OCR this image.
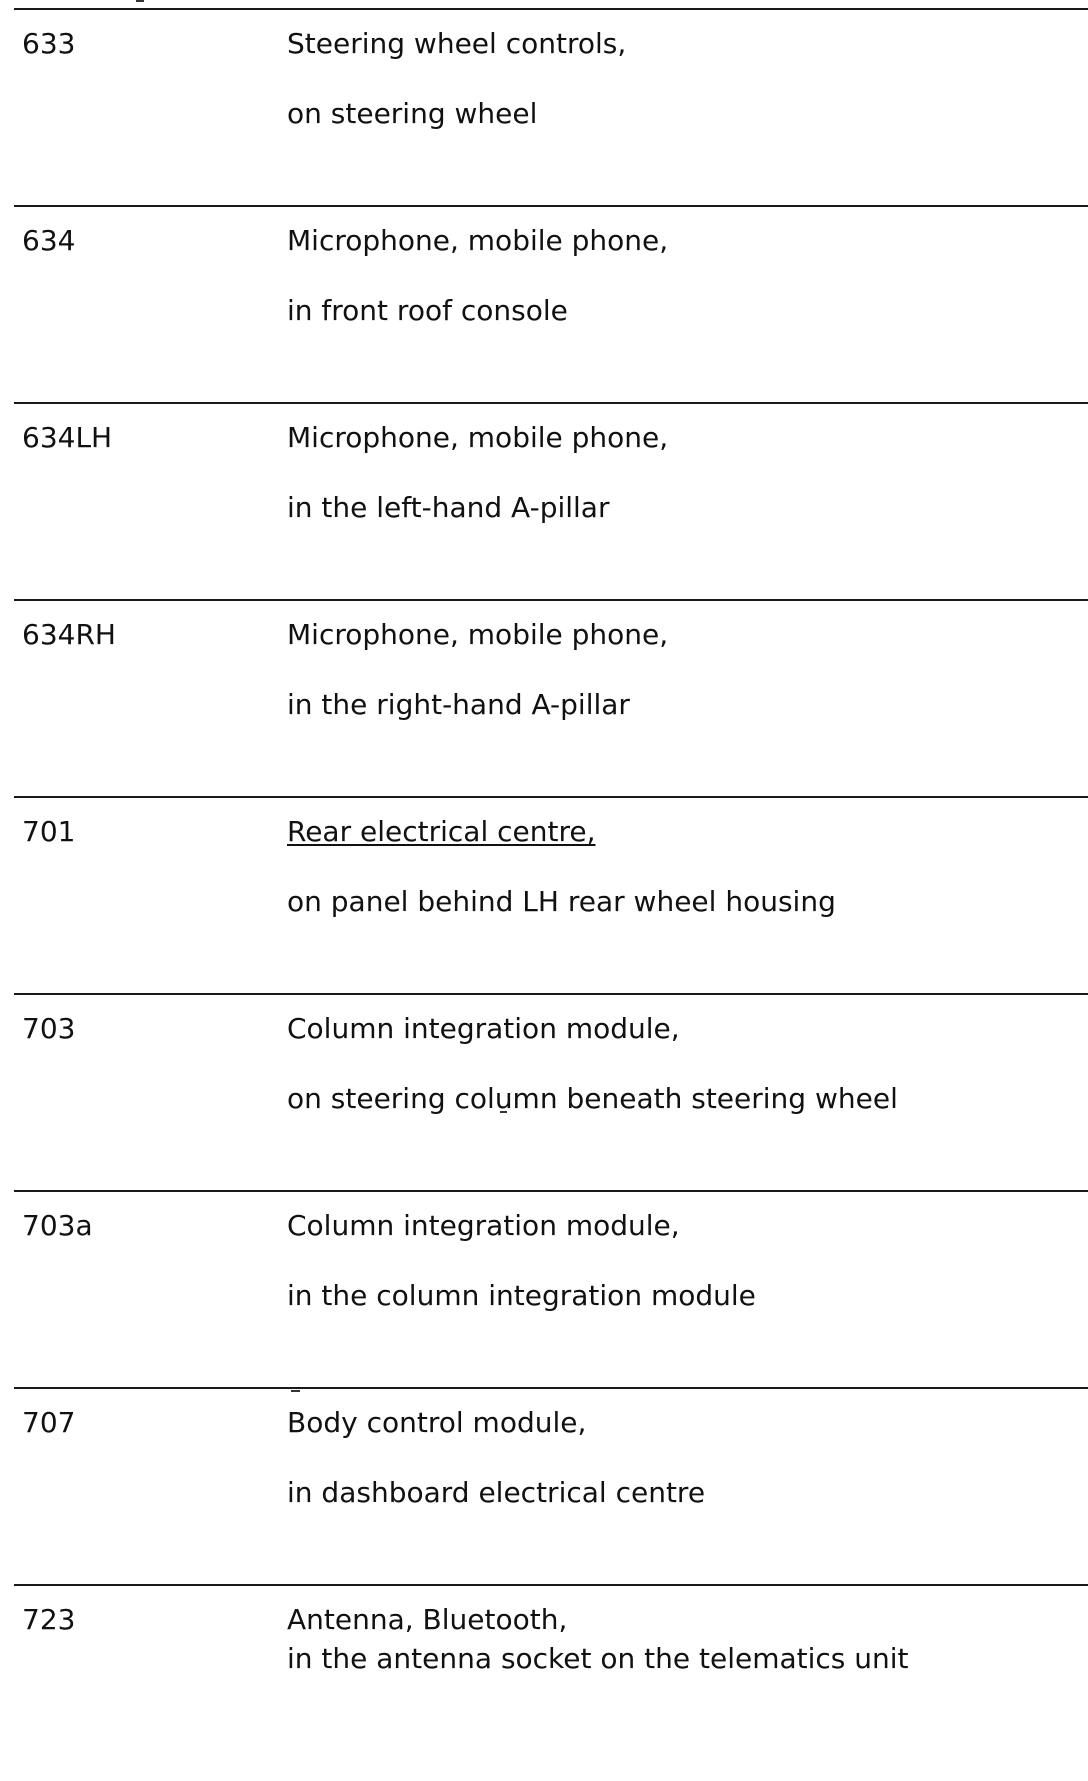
633	Steering wheel controls,
on steering wheel
634	Microphone, mobile phone,
in front roof console
634LH	Microphone, mobile phone,
in the left-hand A-pillar
634RH	Microphone, mobile phone,
in the right-hand A-pillar
701	Rear electrical centre,
on panel behind LH rear wheel housing
703	Column integration module,
on steering column beneath steering wheel
703a	Column integration module,
in the column integration module
707	Body control module,
in dashboard electrical centre
723	Antenna, Bluetooth,
in the antenna socket on the telematics unit
